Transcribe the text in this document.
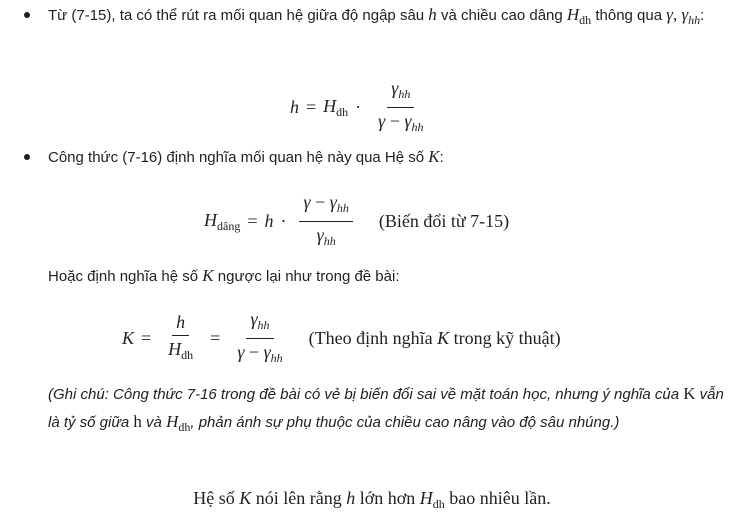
Từ (7-15), ta có thể rút ra mối quan hệ giữa độ ngập sâu h và chiều cao dâng $H_{dh}$ thông qua γ, $\gamma_{hh}$:
$h = H_{dh} \cdot \frac{\gamma_{hh}}{\gamma - \gamma_{hh}}$
Công thức (7-16) định nghĩa mối quan hệ này qua Hệ số K:
$H_{dâng} = h \cdot \frac{\gamma - \gamma_{hh}}{\gamma_{hh}}$ (Biến đổi từ 7-15)
Hoặc định nghĩa hệ số K ngược lại như trong đề bài:
$K = \frac{h}{H_{dh}} = \frac{\gamma_{hh}}{\gamma - \gamma_{hh}}$ (Theo định nghĩa K trong kỹ thuật)
(Ghi chú: Công thức 7-16 trong đề bài có vẻ bị biến đổi sai về mặt toán học, nhưng ý nghĩa của K vẫn là tỷ số giữa h và $H_{dh}$, phản ánh sự phụ thuộc của chiều cao nâng vào độ sâu nhúng.)
Hệ số K nói lên rằng h lớn hơn $H_{dh}$ bao nhiêu lần.
